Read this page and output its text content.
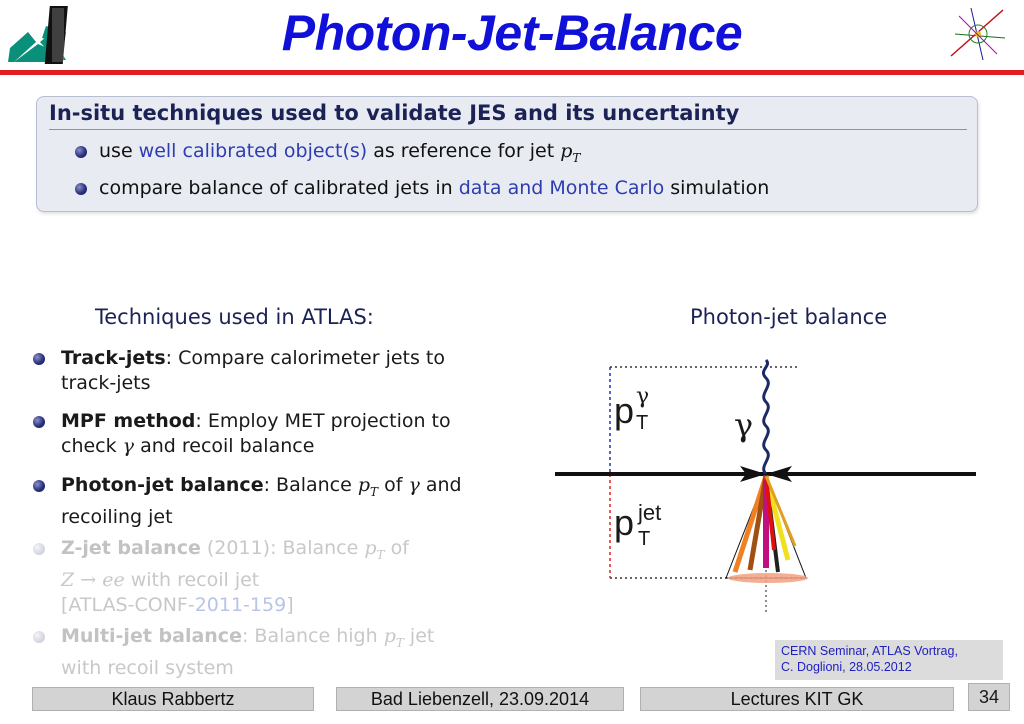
Photon-Jet-Balance
In-situ techniques used to validate JES and its uncertainty
use well calibrated object(s) as reference for jet $p_T$
compare balance of calibrated jets in data and Monte Carlo simulation
Techniques used in ATLAS:
Track-jets: Compare calorimeter jets to
track-jets
MPF method: Employ MET projection to
check γ and recoil balance
Photon-jet balance: Balance $p_T$ of γ and
recoiling jet
Z-jet balance (2011): Balance $p_T$ of
Z → ee with recoil jet
[ATLAS-CONF-2011-159]
Multi-jet balance: Balance high $p_T$ jet
with recoil system
Photon-jet balance
p γ
T	γ
p jet
T
CERN Seminar, ATLAS Vortrag,
C. Doglioni, 28.05.2012
Klaus Rabbertz	Bad Liebenzell, 23.09.2014	Lectures KIT GK	34
